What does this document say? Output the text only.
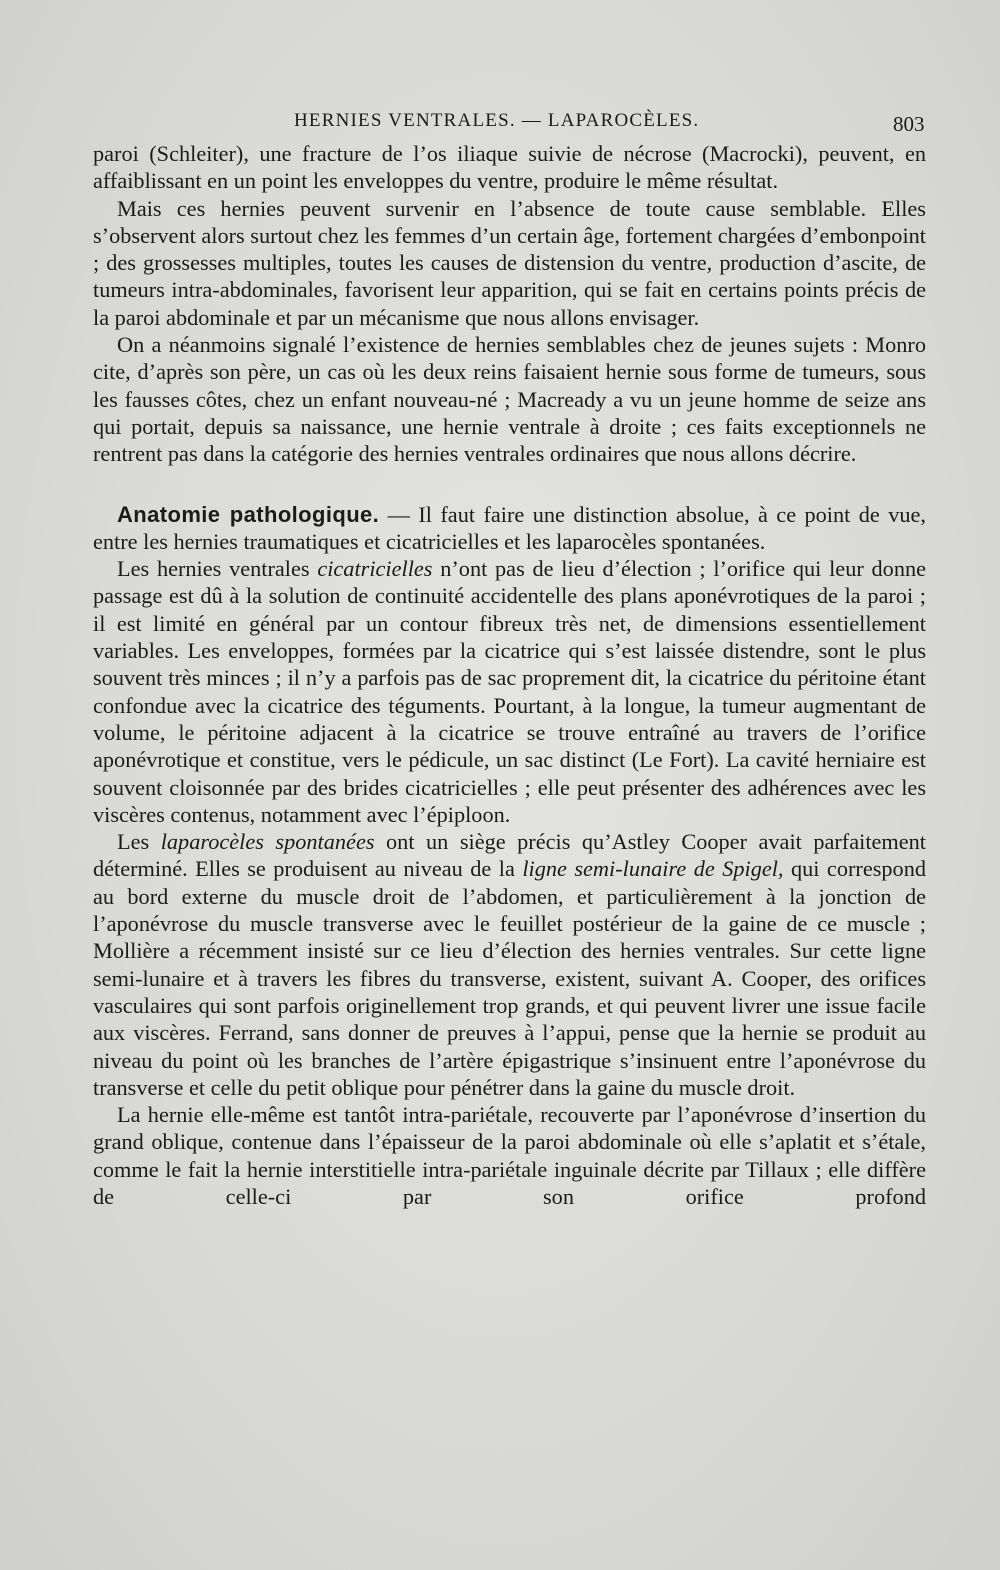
HERNIES VENTRALES. — LAPAROCÈLES.	803

paroi (Schleiter), une fracture de l’os iliaque suivie de nécrose (Macrocki), peuvent, en affaiblissant en un point les enveloppes du ventre, produire le même résultat.

Mais ces hernies peuvent survenir en l’absence de toute cause semblable. Elles s’observent alors surtout chez les femmes d’un certain âge, fortement chargées d’embonpoint ; des grossesses multiples, toutes les causes de distension du ventre, production d’ascite, de tumeurs intra-abdominales, favorisent leur apparition, qui se fait en certains points précis de la paroi abdominale et par un mécanisme que nous allons envisager.

On a néanmoins signalé l’existence de hernies semblables chez de jeunes sujets : Monro cite, d’après son père, un cas où les deux reins faisaient hernie sous forme de tumeurs, sous les fausses côtes, chez un enfant nouveau-né ; Macready a vu un jeune homme de seize ans qui portait, depuis sa naissance, une hernie ventrale à droite ; ces faits exceptionnels ne rentrent pas dans la catégorie des hernies ventrales ordinaires que nous allons décrire.

Anatomie pathologique. — Il faut faire une distinction absolue, à ce point de vue, entre les hernies traumatiques et cicatricielles et les laparocèles spontanées.

Les hernies ventrales cicatricielles n’ont pas de lieu d’élection ; l’orifice qui leur donne passage est dû à la solution de continuité accidentelle des plans aponévrotiques de la paroi ; il est limité en général par un contour fibreux très net, de dimensions essentiellement variables. Les enveloppes, formées par la cicatrice qui s’est laissée distendre, sont le plus souvent très minces ; il n’y a parfois pas de sac proprement dit, la cicatrice du péritoine étant confondue avec la cicatrice des téguments. Pourtant, à la longue, la tumeur augmentant de volume, le péritoine adjacent à la cicatrice se trouve entraîné au travers de l’orifice aponévrotique et constitue, vers le pédicule, un sac distinct (Le Fort). La cavité herniaire est souvent cloisonnée par des brides cicatricielles ; elle peut présenter des adhérences avec les viscères contenus, notamment avec l’épiploon.

Les laparocèles spontanées ont un siège précis qu’Astley Cooper avait parfaitement déterminé. Elles se produisent au niveau de la ligne semi-lunaire de Spigel, qui correspond au bord externe du muscle droit de l’abdomen, et particulièrement à la jonction de l’aponévrose du muscle transverse avec le feuillet postérieur de la gaine de ce muscle ; Mollière a récemment insisté sur ce lieu d’élection des hernies ventrales. Sur cette ligne semi-lunaire et à travers les fibres du transverse, existent, suivant A. Cooper, des orifices vasculaires qui sont parfois originellement trop grands, et qui peuvent livrer une issue facile aux viscères. Ferrand, sans donner de preuves à l’appui, pense que la hernie se produit au niveau du point où les branches de l’artère épigastrique s’insinuent entre l’aponévrose du transverse et celle du petit oblique pour pénétrer dans la gaine du muscle droit.

La hernie elle-même est tantôt intra-pariétale, recouverte par l’aponévrose d’insertion du grand oblique, contenue dans l’épaisseur de la paroi abdominale où elle s’aplatit et s’étale, comme le fait la hernie interstitielle intra-pariétale inguinale décrite par Tillaux ; elle diffère de celle-ci par son orifice profond
